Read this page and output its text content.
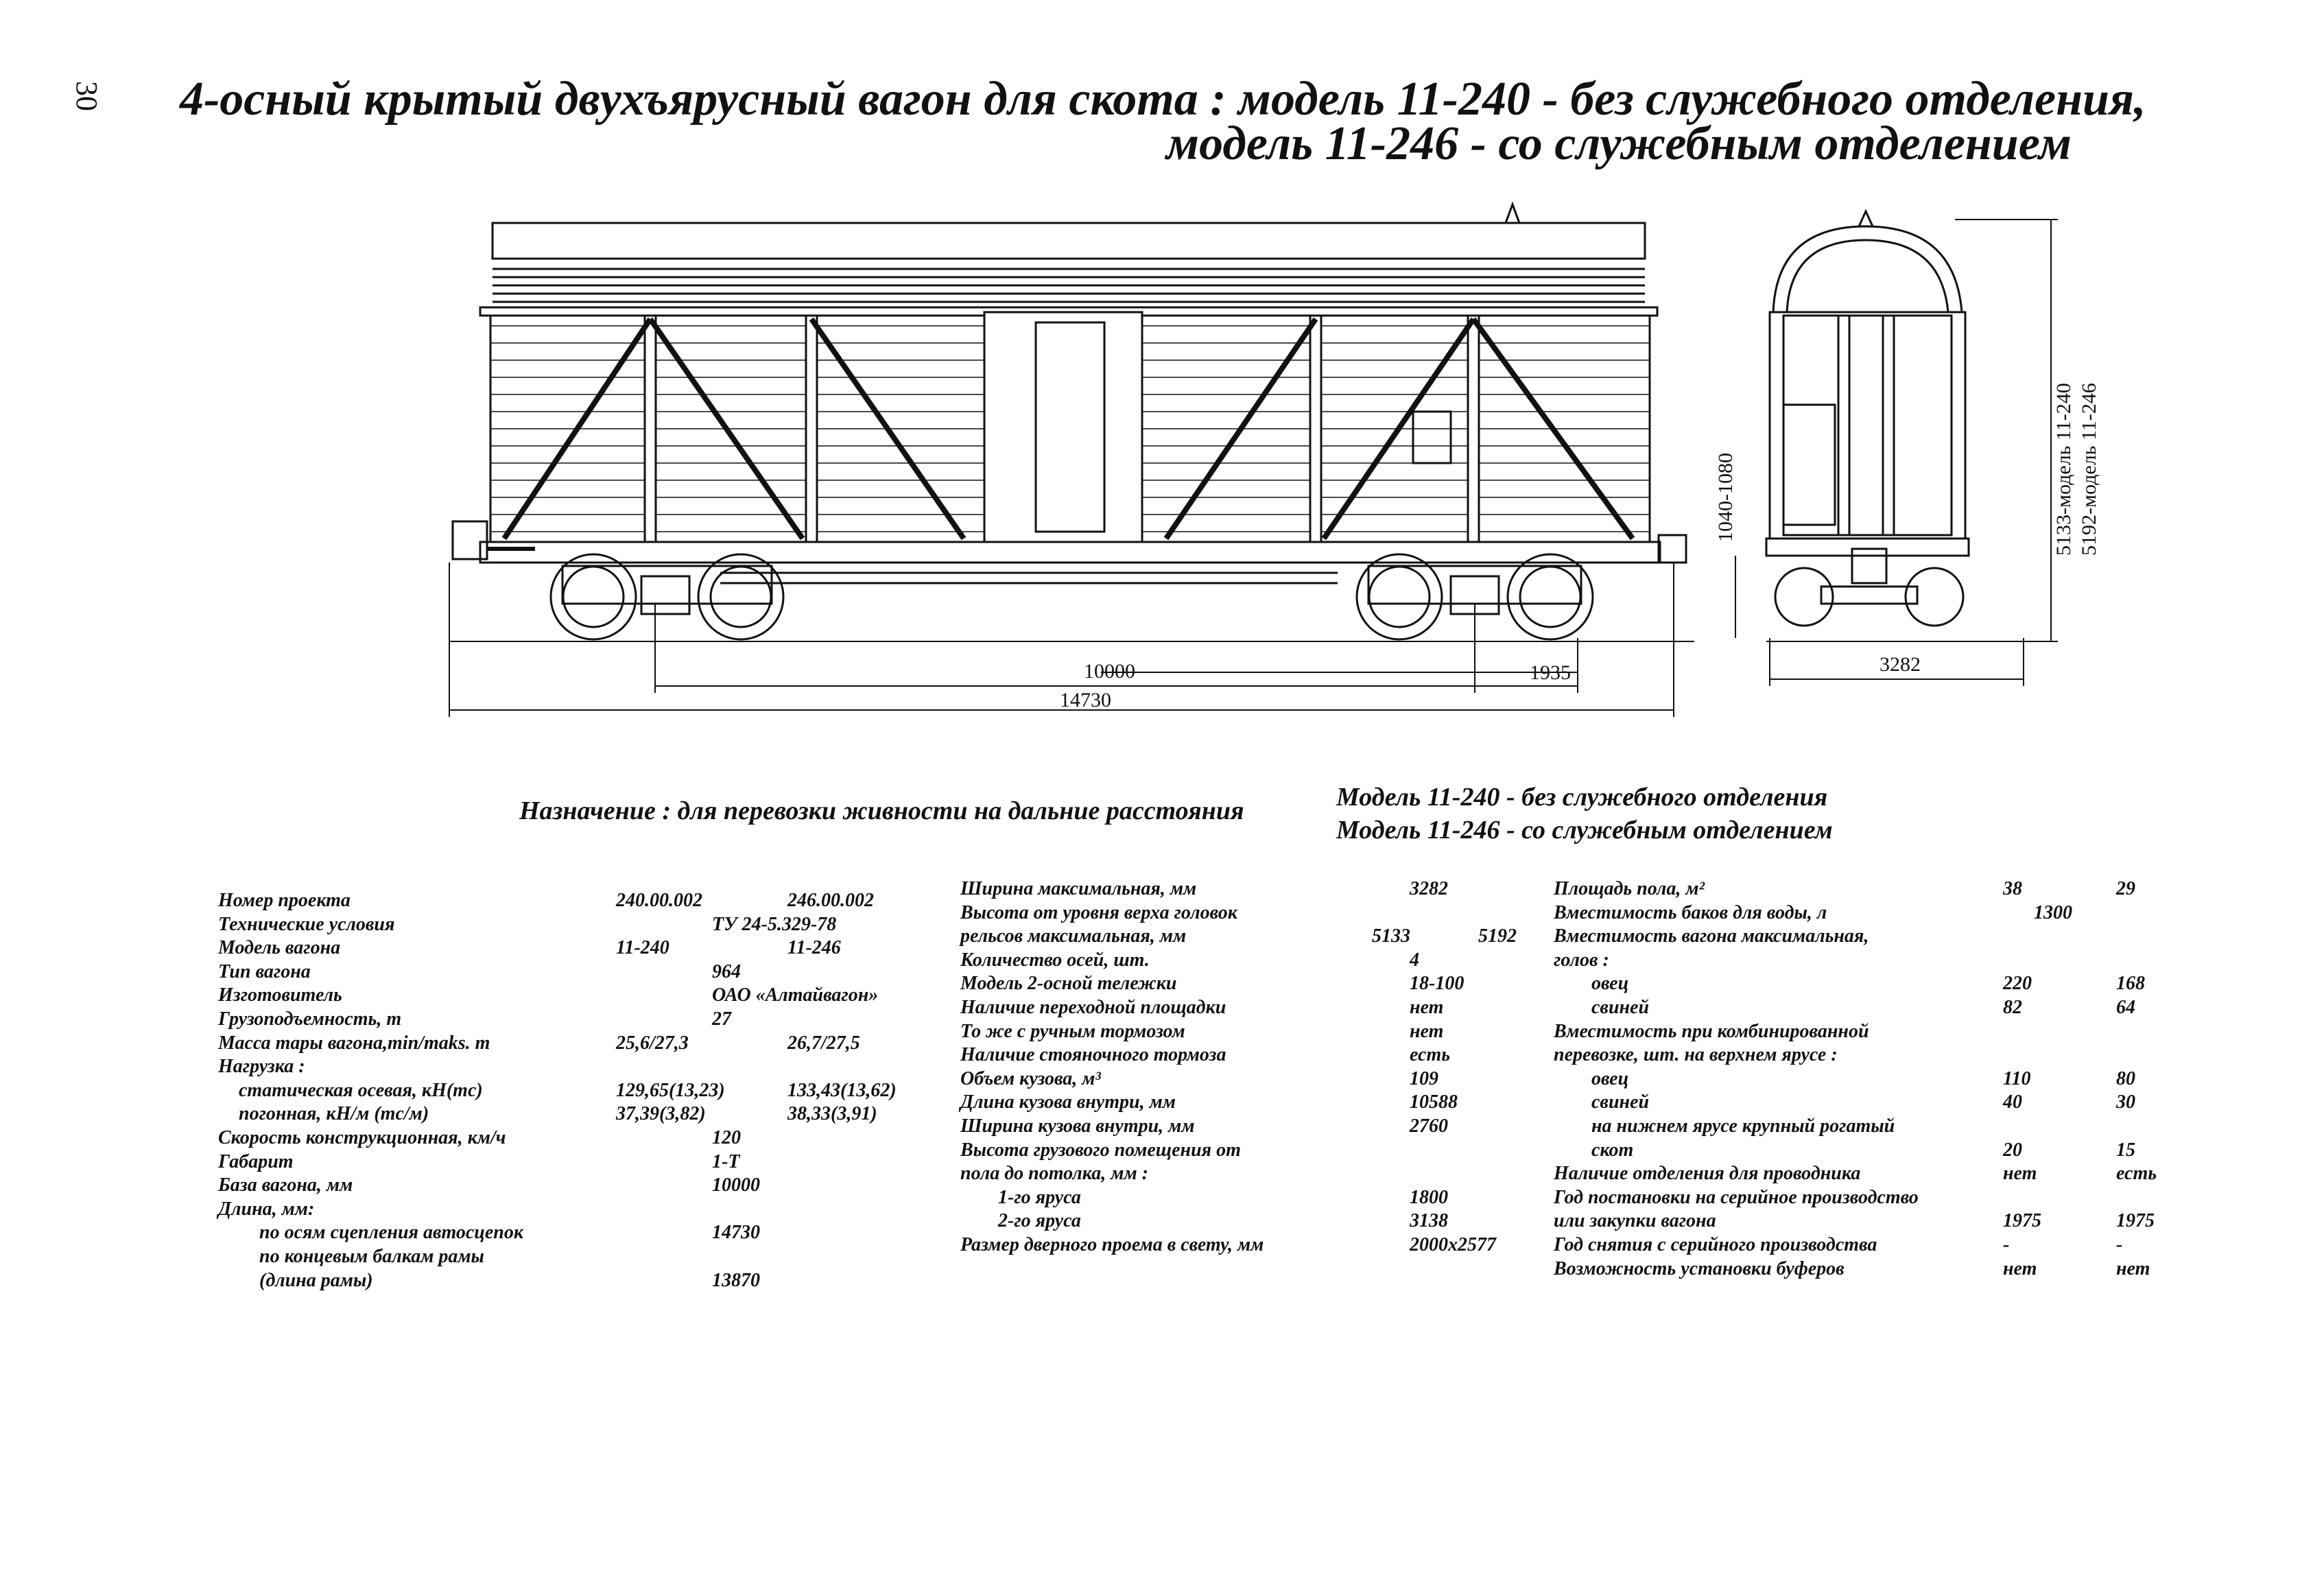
30 4-осный крытый двухъярусный вагон для скота : модель 11-240 - без служебного отделения,
модель 11-246 - со служебным отделением
10000	1935
14730
3282
1040-1080	5133-модель 11-240 5192-модель 11-246
Назначение : для перевозки живности на дальние расстояния	Модель 11-240 - без служебного отделения
Модель 11-246 - со служебным отделением
Номер проекта	240.00.002	246.00.002
Технические условия	ТУ 24-5.329-78
Модель вагона	11-240	11-246
Тип вагона	964
Изготовитель	ОАО «Алтайвагон»
Грузоподъемность, т	27
Масса тары вагона,min/maks. т	25,6/27,3	26,7/27,5
Нагрузка :
статическая осевая, кН(тс)	129,65(13,23)	133,43(13,62)
погонная, кН/м (тс/м)	37,39(3,82)	38,33(3,91)
Скорость конструкционная, км/ч	120
Габарит	1-Т
База вагона, мм	10000
Длина, мм:
по осям сцепления автосцепок	14730
по концевым балкам рамы
(длина рамы)	13870
Ширина максимальная, мм	3282
Высота от уровня верха головок
рельсов максимальная, мм	5133	5192
Количество осей, шт.	4
Модель 2-осной тележки	18-100
Наличие переходной площадки	нет
То же с ручным тормозом	нет
Наличие стояночного тормоза	есть
Объем кузова, м³	109
Длина кузова внутри, мм	10588
Ширина кузова внутри, мм	2760
Высота грузового помещения от
пола до потолка, мм :
1-го яруса	1800
2-го яруса	3138
Размер дверного проема в свету, мм	2000х2577
Площадь пола, м²	38	29
Вместимость баков для воды, л	1300
Вместимость вагона максимальная,
голов :
овец	220	168
свиней	82	64
Вместимость при комбинированной
перевозке, шт. на верхнем ярусе :
овец	110	80
свиней	40	30
на нижнем ярусе крупный рогатый
скот	20	15
Наличие отделения для проводника	нет	есть
Год постановки на серийное производство
или закупки вагона	1975	1975
Год снятия с серийного производства	-	-
Возможность установки буферов	нет	нет
